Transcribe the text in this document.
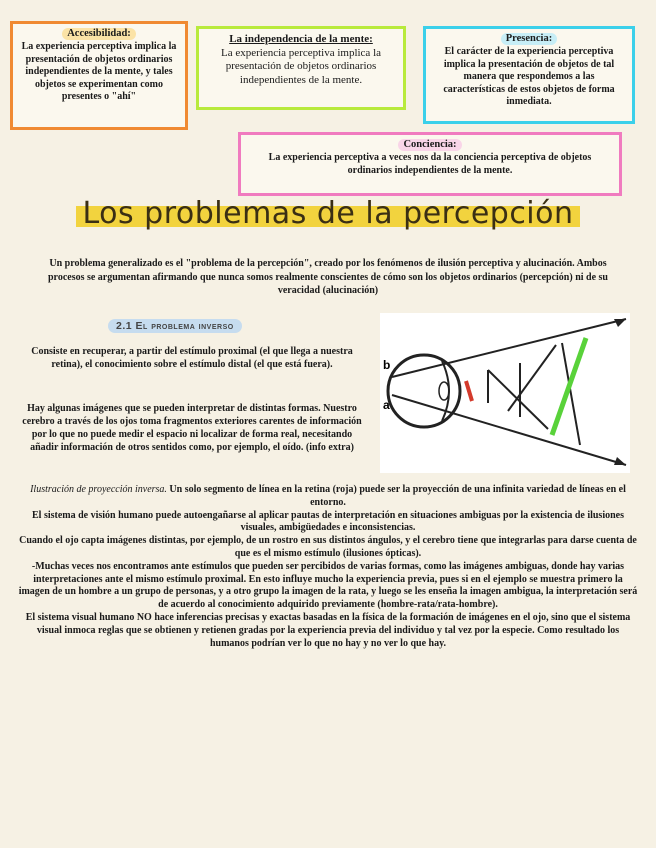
Accesibilidad:
La experiencia perceptiva implica la presentación de objetos ordinarios independientes de la mente, y tales objetos se experimentan como presentes o "ahí"
La independencia de la mente:
La experiencia perceptiva implica la presentación de objetos ordinarios independientes de la mente.
Presencia:
El carácter de la experiencia perceptiva implica la presentación de objetos de tal manera que respondemos a las características de estos objetos de forma inmediata.
Conciencia:
La experiencia perceptiva a veces nos da la conciencia perceptiva de objetos ordinarios independientes de la mente.
Los problemas de la percepción

Un problema generalizado es el "problema de la percepción", creado por los fenómenos de ilusión perceptiva y alucinación. Ambos procesos se argumentan afirmando que nunca somos realmente conscientes de cómo son los objetos ordinarios (percepción) ni de su veracidad (alucinación)

2.1 El problema inverso

Consiste en recuperar, a partir del estímulo proximal (el que llega a nuestra retina), el conocimiento sobre el estímulo distal (el que está fuera).

Hay algunas imágenes que se pueden interpretar de distintas formas. Nuestro cerebro a través de los ojos toma fragmentos exteriores carentes de información por lo que no puede medir el espacio ni localizar de forma real, necesitando añadir información de otros sentidos como, por ejemplo, el oído. (info extra)

b
a

Ilustración de proyección inversa. Un solo segmento de línea en la retina (roja) puede ser la proyección de una infinita variedad de líneas en el entorno.

El sistema de visión humano puede autoengañarse al aplicar pautas de interpretación en situaciones ambiguas por la existencia de ilusiones visuales, ambigüedades e inconsistencias.

Cuando el ojo capta imágenes distintas, por ejemplo, de un rostro en sus distintos ángulos, y el cerebro tiene que integrarlas para darse cuenta de que es el mismo estímulo (ilusiones ópticas).

-Muchas veces nos encontramos ante estímulos que pueden ser percibidos de varias formas, como las imágenes ambiguas, donde hay varias interpretaciones ante el mismo estímulo proximal. En esto influye mucho la experiencia previa, pues si en el ejemplo se muestra primero la imagen de un hombre a un grupo de personas, y a otro grupo la imagen de la rata, y luego se les enseña la imagen ambigua, la interpretación será de acuerdo al conocimiento adquirido previamente (hombre-rata/rata-hombre).

El sistema visual humano NO hace inferencias precisas y exactas basadas en la física de la formación de imágenes en el ojo, sino que el sistema visual inmoca reglas que se obtienen y retienen gradas por la experiencia previa del individuo y tal vez por la especie. Como resultado los humanos podrían ver lo que no hay y no ver lo que hay.
